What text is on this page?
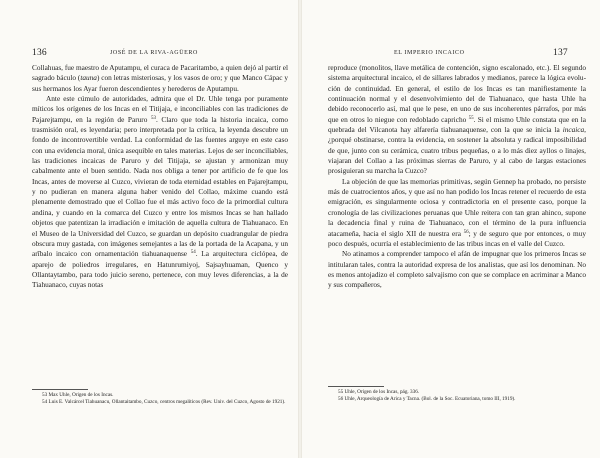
136	JOSÉ DE LA RIVA-AGÜERO

Collahuas, fue maestro de Aputampu, el curaca de Pacaritambo, a quien dejó al partir el sagrado báculo (tauna) con letras misteriosas, y los vasos de oro; y que Manco Cápac y sus hermanos los Ayar fueron descendientes y herederos de Aputampu.

Ante este cúmulo de autoridades, admira que el Dr. Uhle tenga por puramente míticos los orígenes de los Incas en el Titijaja, e inconciliables con las tradiciones de Pajarejtampu, en la región de Paruro $^{53}$. Claro que toda la historia incaica, como trasmisión oral, es leyendaria; pero interpretada por la crítica, la leyenda descubre un fondo de incontrovertible verdad. La conformidad de las fuentes arguye en este caso con una evidencia moral, única asequible en tales materias. Lejos de ser inconciliables, las tradiciones incaicas de Paruro y del Titijaja, se ajustan y armonizan muy cabalmente ante el buen sentido. Nada nos obliga a tener por artificio de fe que los Incas, antes de moverse al Cuzco, vivieran de toda eternidad estables en Pajarejtampu, y no pudieran en manera alguna haber venido del Collao, máxime cuando está plenamente demostrado que el Collao fue el más activo foco de la primordial cultura andina, y cuando en la comarca del Cuzco y entre los mismos Incas se han hallado objetos que patentizan la irradiación e imitación de aquella cultura de Tiahuanaco. En el Museo de la Universidad del Cuzco, se guardan un depósito cuadrangular de piedra obscura muy gastada, con imágenes semejantes a las de la portada de la Acapana, y un arībalo incaico con ornamentación tiahuanaquense $^{54}$. La arquitectura ciclópea, de aparejo de poliedros irregulares, en Hatunrumiyoj, Sajsayhuaman, Quenco y Ollantaytambo, para todo juicio sereno, pertenece, con muy leves diferencias, a la de Tiahuanaco, cuyas notas

53 Max Uhle, Origen de los Incas.

54 Luis E. Valcárcel Tiahuanacu, Ollantaitambo, Cuzco, centros megalíticos (Rev. Univ. del Cuzco, Agosto de 1921).

EL IMPERIO INCAICO	137

reproduce (monolitos, llave metálica de contención, signo escalonado, etc.). El segundo sistema arquitectural incaico, el de sillares labrados y medianos, parece la lógica evolución de continuidad. En general, el estilo de los Incas es tan manifiestamente la continuación normal y el desenvolvimiento del de Tiahuanaco, que hasta Uhle ha debido reconocerlo así, mal que le pese, en uno de sus incoherentes párrafos, por más que en otros lo niegue con redoblado capricho $^{55}$. Si el mismo Uhle constata que en la quebrada del Vilcanota hay alfarería tiahuanaquense, con la que se inicia la incaica, ¿porqué obstinarse, contra la evidencia, en sostener la absoluta y radical imposibilidad de que, junto con su cerámica, cuatro tribus pequeñas, o a lo más diez ayllos o linajes, viajaran del Collao a las próximas sierras de Paruro, y al cabo de largas estaciones prosiguieran su marcha la Cuzco?

La objeción de que las memorias primitivas, según Gennep ha probado, no persiste más de cuatrocientos años, y que así no han podido los Incas retener el recuerdo de esta emigración, es singularmente ociosa y contradictoria en el presente caso, porque la cronología de las civilizaciones peruanas que Uhle reitera con tan gran ahinco, supone la decadencia final y ruina de Tiahuanaco, con el término de la pura influencia atacameña, hacia el siglo XII de nuestra era $^{56}$; y de seguro que por entonces, o muy poco después, ocurría el establecimiento de las tribus incas en el valle del Cuzco.

No atinamos a comprender tampoco el afán de impugnar que los primeros Incas se intitularan tales, contra la autoridad expresa de los analistas, que así los denominan. No es menos antojadizo el completo salvajismo con que se complace en acriminar a Manco y sus compañeros,

55 Uhle, Origen de los Incas, pág. 336.

56 Uhle, Arqueología de Arica y Tacna. (Bol. de la Soc. Ecuatoriana, tomo III, 1919).
